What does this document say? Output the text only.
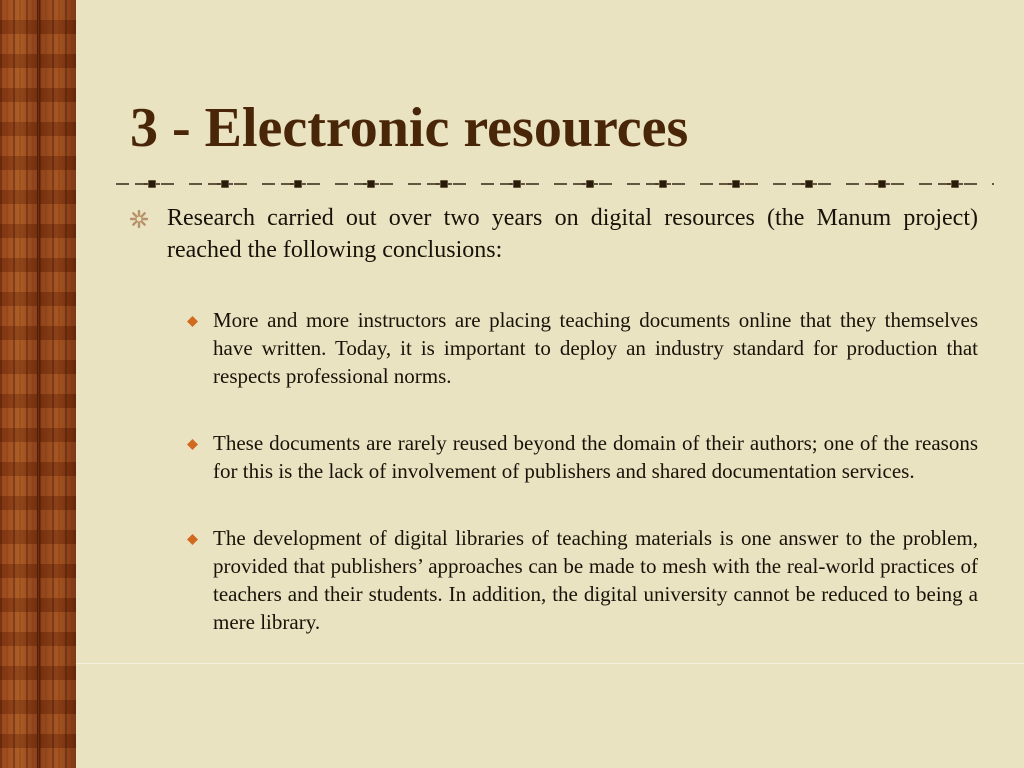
3 - Electronic resources
Research carried out over two years on digital resources (the Manum project) reached the following conclusions:
More and more instructors are placing teaching documents online that they themselves have written. Today, it is important to deploy an industry standard for production that respects professional norms.
These documents are rarely reused beyond the domain of their authors; one of the reasons for this is the lack of involvement of publishers and shared documentation services.
The development of digital libraries of teaching materials is one answer to the problem, provided that publishers’ approaches can be made to mesh with the real-world practices of teachers and their students. In addition, the digital university cannot be reduced to being a mere library.
